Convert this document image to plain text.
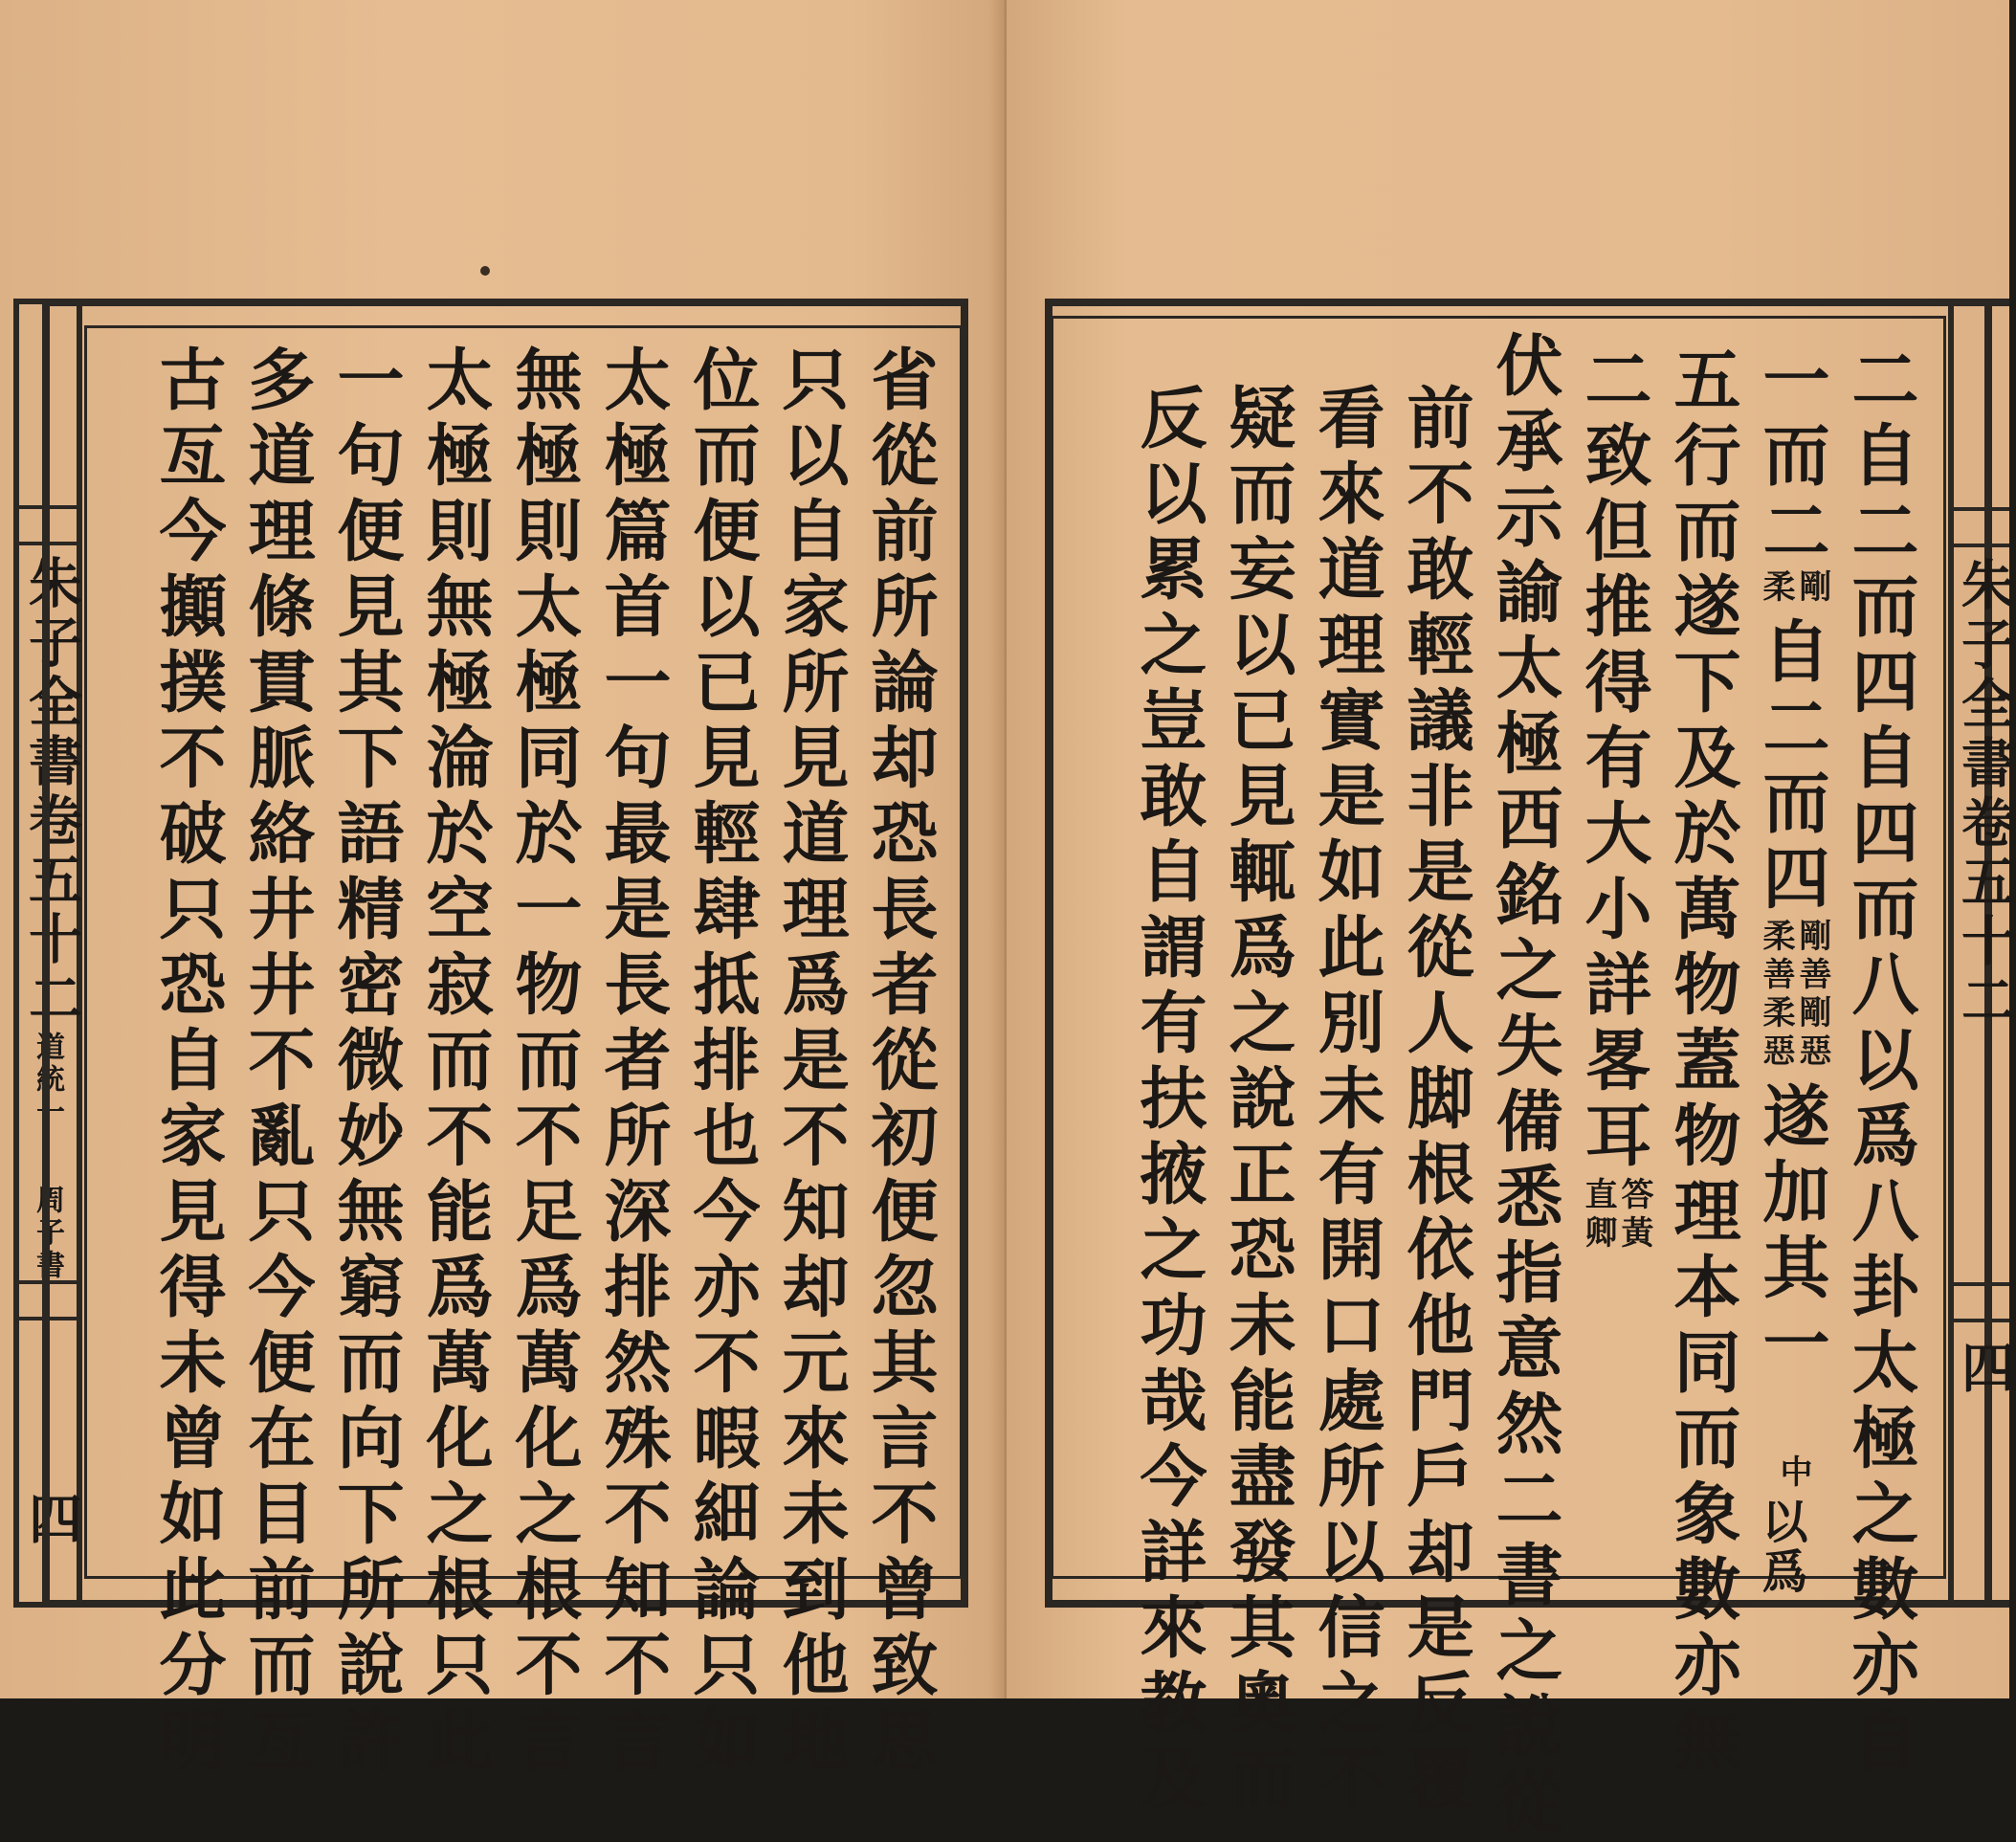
朱子全書卷五十二
道統一
周子書
四	省從前所論却恐長者從初便忽其言不曾致思
只以自家所見道理爲是不知却元來未到他地
位而便以已見輕肆抵排也今亦不暇細論只如
太極篇首一句最是長者所深排然殊不知不言
無極則太極同於一物而不足爲萬化之根不言
太極則無極淪於空寂而不能爲萬化之根只此
一句便見其下語精密微妙無窮而向下所說許
多道理條貫脈絡井井不亂只今便在目前而亙
古亙今攧撲不破只恐自家見得未曾如此分明	朱子全書卷五十二
四
二自二而四自四而八以爲八卦太極之數亦自
一而二
剛
柔
自二而四
剛善剛惡
柔善柔惡
遂加其一
中
以爲
五行而遂下及於萬物蓋物理本同而象數亦無
二致但推得有大小詳畧耳
答黃
直卿
伏承示諭太極西銘之失備悉指意然二書之說從
前不敢輕議非是從人脚根依他門戶却是反覆
看來道理實是如此別未有開口處所以信之不
疑而妄以已見輒爲之說正恐未能盡發其奧而
反以累之豈敢自謂有扶掖之功哉今詳來教及
